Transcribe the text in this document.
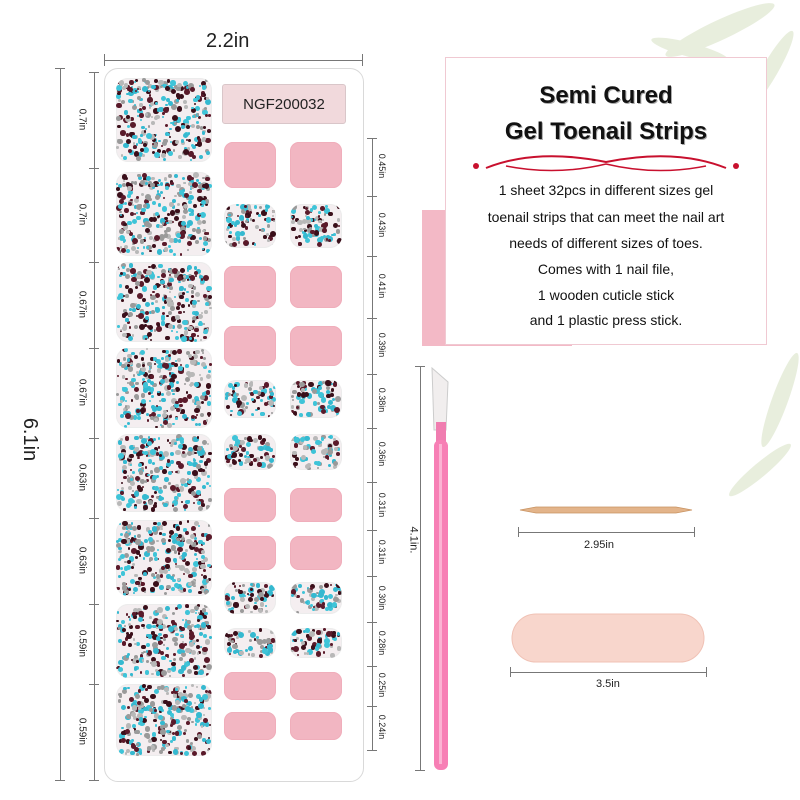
2.2in
6.1in
0.7in
0.7in
0.67in
0.67in
0.63in
0.63in
0.59in
0.59in
NGF200032
0.45in
0.43in
0.41in
0.39in
0.38in
0.36in
0.31in
0.31in
0.30in
0.28in
0.25in
0.24in
Semi Cured
Gel Toenail Strips
1 sheet 32pcs in different sizes gel
toenail strips that can meet the nail art
needs of different sizes of toes.
Comes with 1 nail file,
1 wooden cuticle stick
and 1 plastic press stick.
4.1in.	2.95in
3.5in
